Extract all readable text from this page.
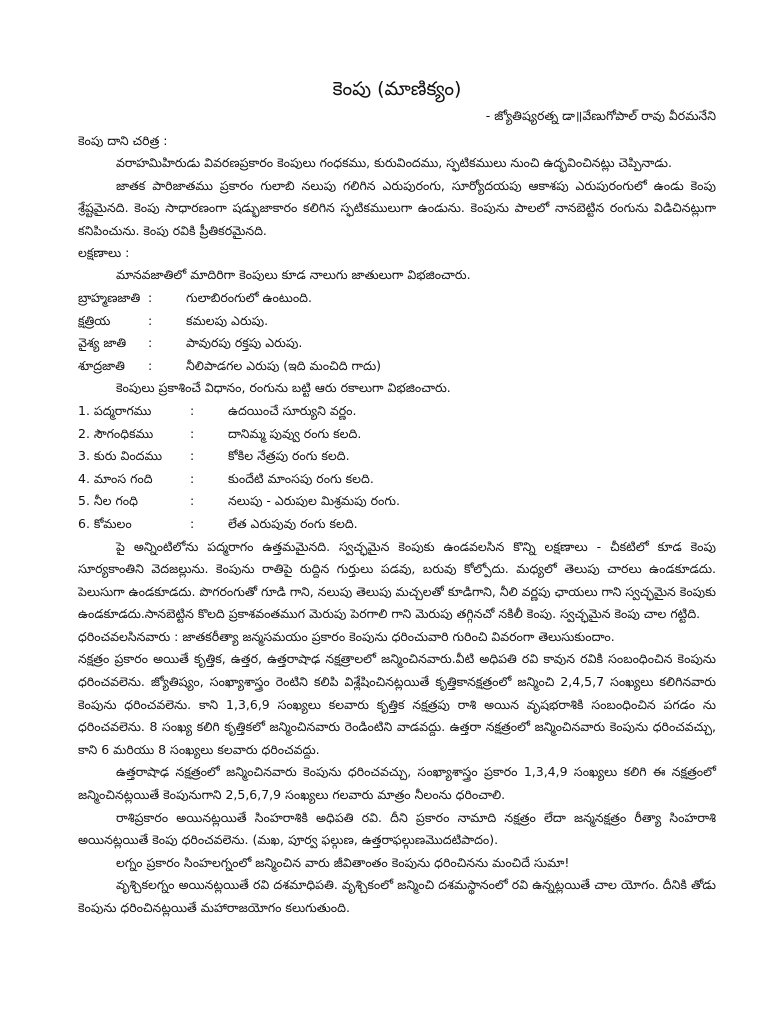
కెంపు (మాణిక్యం)
- జ్యోతిష్యరత్న డా॥వేణుగోపాల్ రావు వీరమనేని
కెంపు దాని చరిత్ర :
వరాహమిహిరుడు వివరణప్రకారం కెంపులు గంధకము, కురువిందము, స్ఫటికములు నుంచి ఉద్భవించినట్లు చెప్పినాడు.
జాతక పారిజాతము ప్రకారం గులాబి నలుపు గలిగిన ఎరుపురంగు, సూర్యోదయపు ఆకాశపు ఎరుపురంగులో ఉండు కెంపు శ్రేష్టమైనది. కెంపు సాధారణంగా షడ్భుజాకారం కలిగిన స్ఫటికములుగా ఉండును. కెంపును పాలలో నానబెట్టిన రంగును విడిచినట్లుగా కనిపించును. కెంపు రవికి ప్రీతికరమైనది.
లక్షణాలు :
మానవజాతిలో మాదిరిగా కెంపులు కూడ నాలుగు జాతులుగా విభజించారు.
బ్రాహ్మణజాతి :	గులాబిరంగులో ఉంటుంది.
క్షత్రియ	:	కమలపు ఎరుపు.
వైశ్య జాతి	:	పావురపు రక్తపు ఎరుపు.
శూద్రజాతి	:	నీలిపాడగల ఎరుపు (ఇది మంచిది గాదు)
కెంపులు ప్రకాశించే విధానం, రంగును బట్టి ఆరు రకాలుగా విభజించారు.
1. పద్మరాగము	:	ఉదయించే సూర్యుని వర్ణం.
2. సౌగంధికము	:	దానిమ్మ పువ్వు రంగు కలది.
3. కురు విందము	:	కోకిల నేత్రపు రంగు కలది.
4. మాంస గంది	:	కుందేటి మాంసపు రంగు కలది.
5. నీల గంధి	:	నలుపు - ఎరుపుల మిశ్రమపు రంగు.
6. కోమలం	:	లేత ఎరుపువు రంగు కలది.
పై అన్నింటిలోను పద్మరాగం ఉత్తమమైనది. స్వచ్ఛమైన కెంపుకు ఉండవలసిన కొన్ని లక్షణాలు - చీకటిలో కూడ కెంపు సూర్యకాంతిని వెదజల్లును. కెంపును రాతిపై రుద్దిన గుర్తులు పడవు, బరువు కోల్పోదు. మధ్యలో తెలుపు చారలు ఉండకూడదు. పెలుసుగా ఉండకూడదు. పొగరంగుతో గూడి గాని, నలుపు తెలుపు మచ్చలతో కూడిగాని, నీలి వర్ణపు ఛాయలు గాని స్వచ్ఛమైన కెంపుకు ఉండకూడదు.సానబెట్టిన కొలది ప్రకాశవంతముగ మెరుపు పెరగాలి గాని మెరుపు తగ్గినచో నకిలీ కెంపు. స్వచ్ఛమైన కెంపు చాల గట్టిది.
ధరించవలసినవారు : జాతకరీత్యా జన్మసమయం ప్రకారం కెంపును ధరించువారి గురించి వివరంగా తెలుసుకుందాం.
నక్షత్రం ప్రకారం అయితే కృత్తిక, ఉత్తర, ఉత్తరాషాఢ నక్షత్రాలలో జన్మించినవారు.వీటి అధిపతి రవి కావున రవికి సంబంధించిన కెంపును ధరించవలెను. జ్యోతిష్యం, సంఖ్యాశాస్త్రం రెంటిని కలిపి విశ్లేషించినట్లయితే కృత్తికానక్షత్రంలో జన్మించి 2,4,5,7 సంఖ్యలు కలిగినవారు కెంపును ధరించవలెను. కాని 1,3,6,9 సంఖ్యలు కలవారు కృత్తిక నక్షత్రపు రాశి అయిన వృషభరాశికి సంబంధించిన పగడం ను ధరించవలెను. 8 సంఖ్య కలిగి కృత్తికలో జన్మించినవారు రెండింటిని వాడవద్దు. ఉత్తరా నక్షత్రంలో జన్మించినవారు కెంపును ధరించవచ్చు, కాని 6 మరియు 8 సంఖ్యలు కలవారు ధరించవద్దు.
ఉత్తరాషాఢ నక్షత్రంలో జన్మించినవారు కెంపును ధరించవచ్చు, సంఖ్యాశాస్త్రం ప్రకారం 1,3,4,9 సంఖ్యలు కలిగి ఈ నక్షత్రంలో జన్మించినట్లయితే కెంపునుగాని 2,5,6,7,9 సంఖ్యలు గలవారు మాత్రం నీలంను ధరించాలి.
రాశిప్రకారం అయినట్లయితే సింహరాశికి అధిపతి రవి. దీని ప్రకారం నామాది నక్షత్రం లేదా జన్మనక్షత్రం రీత్యా సింహరాశి అయినట్లయితే కెంపు ధరించవలెను. (మఖ, పూర్వ ఫల్గుణ, ఉత్తరాఫల్గుణమొదటిపాదం).
లగ్నం ప్రకారం సింహలగ్నంలో జన్మించిన వారు జీవితాంతం కెంపును ధరించినను మంచిదే సుమా!
వృశ్చికలగ్నం అయినట్లయితే రవి దశమాధిపతి. వృశ్చికంలో జన్మించి దశమస్థానంలో రవి ఉన్నట్లయితే చాల యోగం. దీనికి తోడు కెంపును ధరించినట్లయితే మహారాజయోగం కలుగుతుంది.
